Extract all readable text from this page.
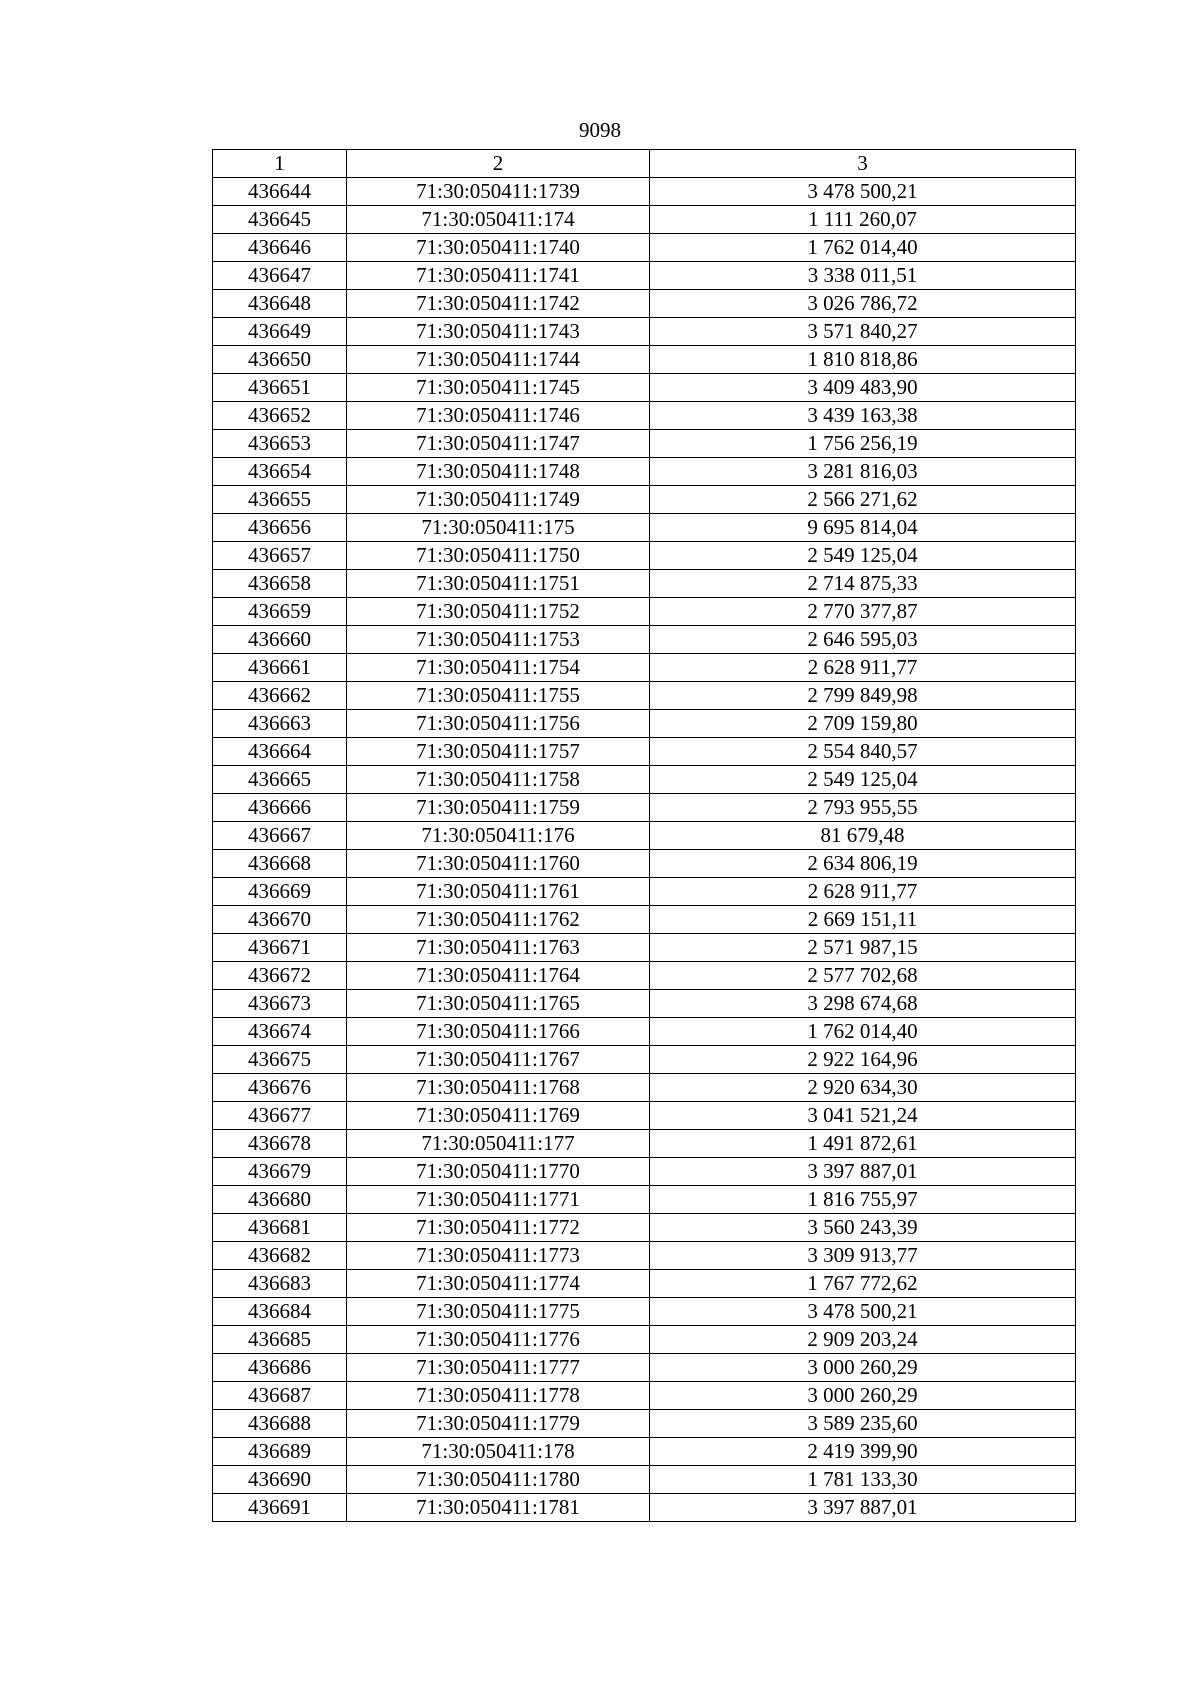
9098
1	2	3
436644	71:30:050411:1739	3 478 500,21
436645	71:30:050411:174	1 111 260,07
436646	71:30:050411:1740	1 762 014,40
436647	71:30:050411:1741	3 338 011,51
436648	71:30:050411:1742	3 026 786,72
436649	71:30:050411:1743	3 571 840,27
436650	71:30:050411:1744	1 810 818,86
436651	71:30:050411:1745	3 409 483,90
436652	71:30:050411:1746	3 439 163,38
436653	71:30:050411:1747	1 756 256,19
436654	71:30:050411:1748	3 281 816,03
436655	71:30:050411:1749	2 566 271,62
436656	71:30:050411:175	9 695 814,04
436657	71:30:050411:1750	2 549 125,04
436658	71:30:050411:1751	2 714 875,33
436659	71:30:050411:1752	2 770 377,87
436660	71:30:050411:1753	2 646 595,03
436661	71:30:050411:1754	2 628 911,77
436662	71:30:050411:1755	2 799 849,98
436663	71:30:050411:1756	2 709 159,80
436664	71:30:050411:1757	2 554 840,57
436665	71:30:050411:1758	2 549 125,04
436666	71:30:050411:1759	2 793 955,55
436667	71:30:050411:176	81 679,48
436668	71:30:050411:1760	2 634 806,19
436669	71:30:050411:1761	2 628 911,77
436670	71:30:050411:1762	2 669 151,11
436671	71:30:050411:1763	2 571 987,15
436672	71:30:050411:1764	2 577 702,68
436673	71:30:050411:1765	3 298 674,68
436674	71:30:050411:1766	1 762 014,40
436675	71:30:050411:1767	2 922 164,96
436676	71:30:050411:1768	2 920 634,30
436677	71:30:050411:1769	3 041 521,24
436678	71:30:050411:177	1 491 872,61
436679	71:30:050411:1770	3 397 887,01
436680	71:30:050411:1771	1 816 755,97
436681	71:30:050411:1772	3 560 243,39
436682	71:30:050411:1773	3 309 913,77
436683	71:30:050411:1774	1 767 772,62
436684	71:30:050411:1775	3 478 500,21
436685	71:30:050411:1776	2 909 203,24
436686	71:30:050411:1777	3 000 260,29
436687	71:30:050411:1778	3 000 260,29
436688	71:30:050411:1779	3 589 235,60
436689	71:30:050411:178	2 419 399,90
436690	71:30:050411:1780	1 781 133,30
436691	71:30:050411:1781	3 397 887,01
